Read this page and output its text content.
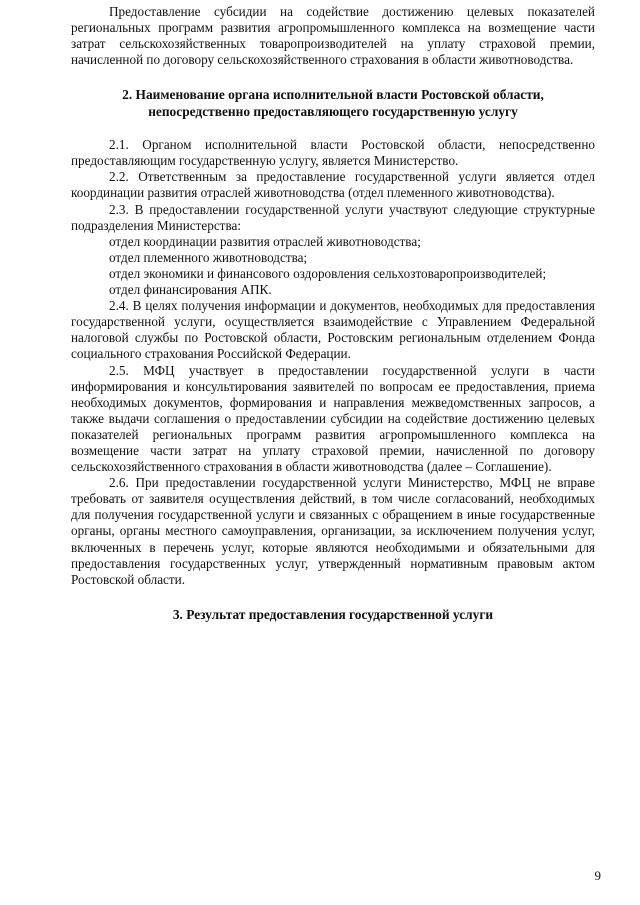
Предоставление субсидии на содействие достижению целевых показателей региональных программ развития агропромышленного комплекса на возмещение части затрат сельскохозяйственных товаропроизводителей на уплату страховой премии, начисленной по договору сельскохозяйственного страхования в области животноводства.

2. Наименование органа исполнительной власти Ростовской области,
непосредственно предоставляющего государственную услугу

2.1. Органом исполнительной власти Ростовской области, непосредственно предоставляющим государственную услугу, является Министерство.

2.2. Ответственным за предоставление государственной услуги является отдел координации развития отраслей животноводства (отдел племенного животноводства).

2.3. В предоставлении государственной услуги участвуют следующие структурные подразделения Министерства:

отдел координации развития отраслей животноводства;

отдел племенного животноводства;

отдел экономики и финансового оздоровления сельхозтоваропроизводителей;

отдел финансирования АПК.

2.4. В целях получения информации и документов, необходимых для предоставления государственной услуги, осуществляется взаимодействие с Управлением Федеральной налоговой службы по Ростовской области, Ростовским региональным отделением Фонда социального страхования Российской Федерации.

2.5. МФЦ участвует в предоставлении государственной услуги в части информирования и консультирования заявителей по вопросам ее предоставления, приема необходимых документов, формирования и направления межведомственных запросов, а также выдачи соглашения о предоставлении субсидии на содействие достижению целевых показателей региональных программ развития агропромышленного комплекса на возмещение части затрат на уплату страховой премии, начисленной по договору сельскохозяйственного страхования в области животноводства (далее – Соглашение).

2.6. При предоставлении государственной услуги Министерство, МФЦ не вправе требовать от заявителя осуществления действий, в том числе согласований, необходимых для получения государственной услуги и связанных с обращением в иные государственные органы, органы местного самоуправления, организации, за исключением получения услуг, включенных в перечень услуг, которые являются необходимыми и обязательными для предоставления государственных услуг, утвержденный нормативным правовым актом Ростовской области.

3. Результат предоставления государственной услуги
9
